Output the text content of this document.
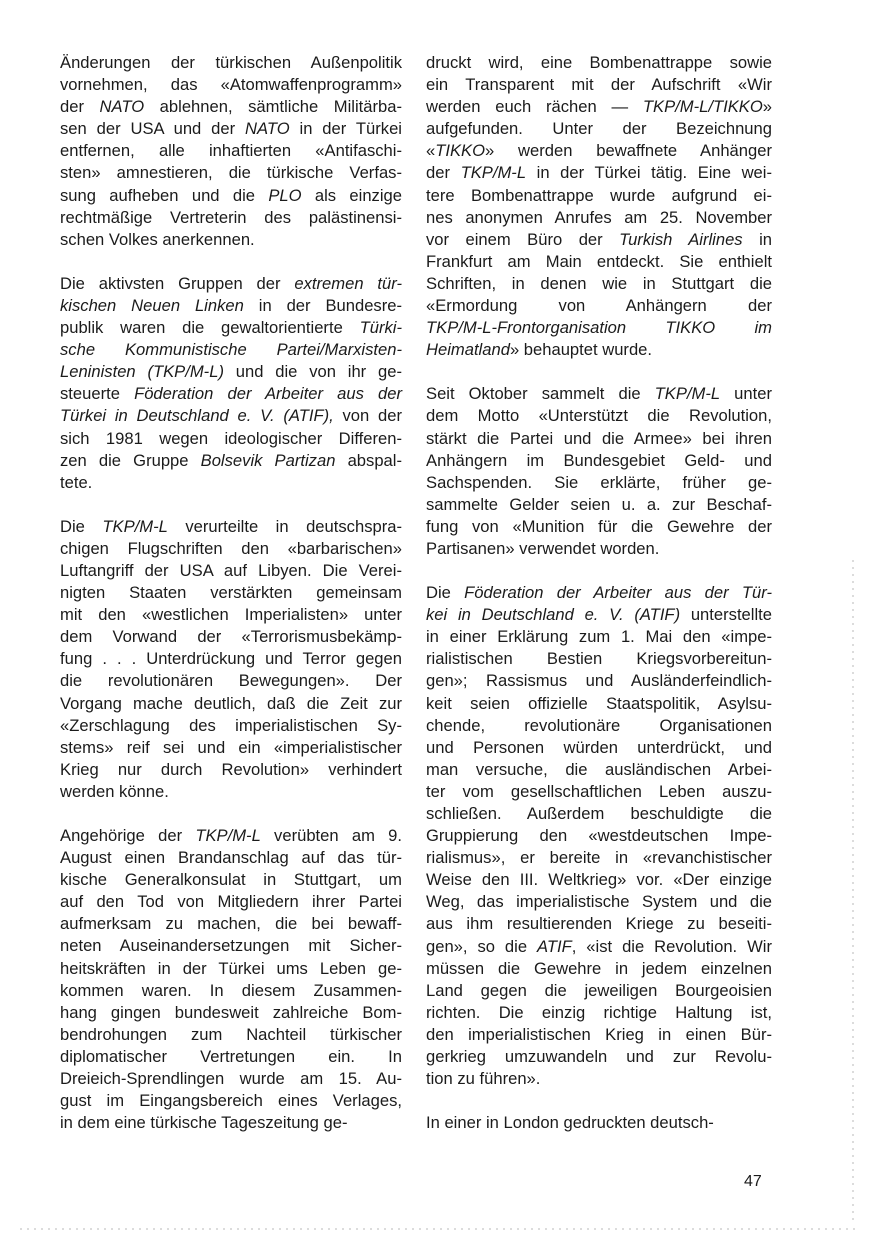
Änderungen der türkischen Außenpolitik
vornehmen, das «Atomwaffenprogramm»
der NATO ablehnen, sämtliche Militärba-
sen der USA und der NATO in der Türkei
entfernen, alle inhaftierten «Antifaschi-
sten» amnestieren, die türkische Verfas-
sung aufheben und die PLO als einzige
rechtmäßige Vertreterin des palästinensi-
schen Volkes anerkennen.
Die aktivsten Gruppen der extremen tür-
kischen Neuen Linken in der Bundesre-
publik waren die gewaltorientierte Türki-
sche Kommunistische Partei/Marxisten-
Leninisten (TKP/M-L) und die von ihr ge-
steuerte Föderation der Arbeiter aus der
Türkei in Deutschland e. V. (ATIF), von der
sich 1981 wegen ideologischer Differen-
zen die Gruppe Bolsevik Partizan abspal-
tete.
Die TKP/M-L verurteilte in deutschspra-
chigen Flugschriften den «barbarischen»
Luftangriff der USA auf Libyen. Die Verei-
nigten Staaten verstärkten gemeinsam
mit den «westlichen Imperialisten» unter
dem Vorwand der «Terrorismusbekämp-
fung . . . Unterdrückung und Terror gegen
die revolutionären Bewegungen». Der
Vorgang mache deutlich, daß die Zeit zur
«Zerschlagung des imperialistischen Sy-
stems» reif sei und ein «imperialistischer
Krieg nur durch Revolution» verhindert
werden könne.
Angehörige der TKP/M-L verübten am 9.
August einen Brandanschlag auf das tür-
kische Generalkonsulat in Stuttgart, um
auf den Tod von Mitgliedern ihrer Partei
aufmerksam zu machen, die bei bewaff-
neten Auseinandersetzungen mit Sicher-
heitskräften in der Türkei ums Leben ge-
kommen waren. In diesem Zusammen-
hang gingen bundesweit zahlreiche Bom-
bendrohungen zum Nachteil türkischer
diplomatischer Vertretungen ein. In
Dreieich-Sprendlingen wurde am 15. Au-
gust im Eingangsbereich eines Verlages,
in dem eine türkische Tageszeitung ge-
druckt wird, eine Bombenattrappe sowie
ein Transparent mit der Aufschrift «Wir
werden euch rächen — TKP/M-L/TIKKO»
aufgefunden. Unter der Bezeichnung
«TIKKO» werden bewaffnete Anhänger
der TKP/M-L in der Türkei tätig. Eine wei-
tere Bombenattrappe wurde aufgrund ei-
nes anonymen Anrufes am 25. November
vor einem Büro der Turkish Airlines in
Frankfurt am Main entdeckt. Sie enthielt
Schriften, in denen wie in Stuttgart die
«Ermordung von Anhängern der
TKP/M-L-Frontorganisation TIKKO im
Heimatland» behauptet wurde.
Seit Oktober sammelt die TKP/M-L unter
dem Motto «Unterstützt die Revolution,
stärkt die Partei und die Armee» bei ihren
Anhängern im Bundesgebiet Geld- und
Sachspenden. Sie erklärte, früher ge-
sammelte Gelder seien u. a. zur Beschaf-
fung von «Munition für die Gewehre der
Partisanen» verwendet worden.
Die Föderation der Arbeiter aus der Tür-
kei in Deutschland e. V. (ATIF) unterstellte
in einer Erklärung zum 1. Mai den «impe-
rialistischen Bestien Kriegsvorbereitun-
gen»; Rassismus und Ausländerfeindlich-
keit seien offizielle Staatspolitik, Asylsu-
chende, revolutionäre Organisationen
und Personen würden unterdrückt, und
man versuche, die ausländischen Arbei-
ter vom gesellschaftlichen Leben auszu-
schließen. Außerdem beschuldigte die
Gruppierung den «westdeutschen Impe-
rialismus», er bereite in «revanchistischer
Weise den III. Weltkrieg» vor. «Der einzige
Weg, das imperialistische System und die
aus ihm resultierenden Kriege zu beseiti-
gen», so die ATIF, «ist die Revolution. Wir
müssen die Gewehre in jedem einzelnen
Land gegen die jeweiligen Bourgeoisien
richten. Die einzig richtige Haltung ist,
den imperialistischen Krieg in einen Bür-
gerkrieg umzuwandeln und zur Revolu-
tion zu führen».
In einer in London gedruckten deutsch-
47
